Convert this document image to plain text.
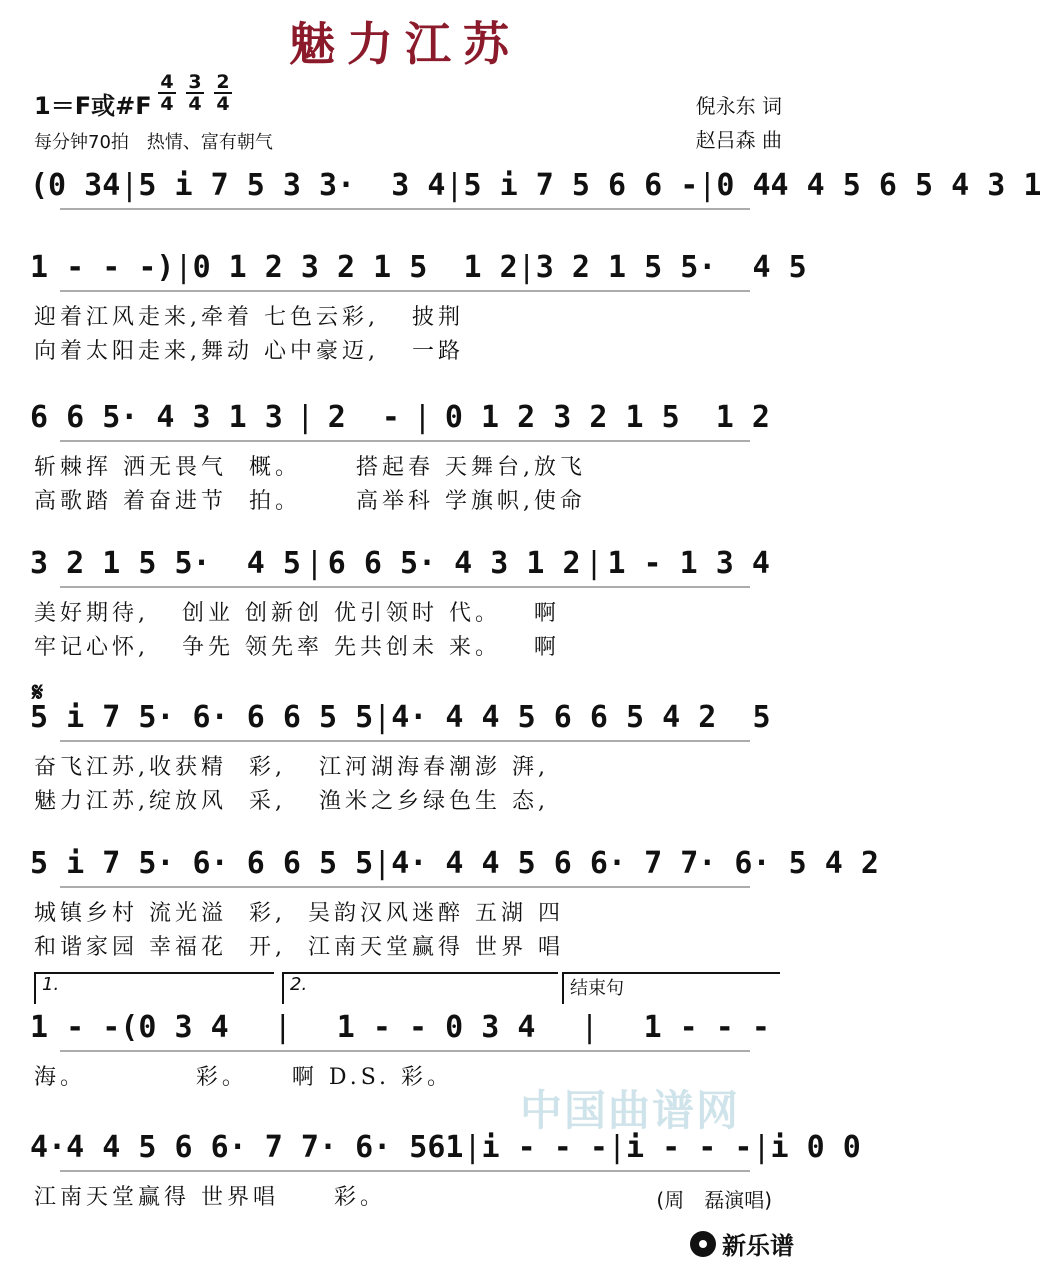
魅力江苏
1＝F或#F $\frac{4}{4} \frac{3}{4} \frac{2}{4}$
每分钟70拍　热情、富有朝气
倪永东 词
赵吕森 曲
(0 34 | 5 i 7 5 3 3·  3 4 | 5 i 7 5 6 6 - | 0 44 4 5 6 5 4 3 1
1 - - -) | 0 1 2 3 2 1 5  1 2 | 3 2 1 5 5·  4 5
迎着江风走来,牵着 七色云彩,   披荆
向着太阳走来,舞动 心中豪迈,   一路
6 6 5· 4 3 1 3 | 2  - | 0 1 2 3 2 1 5  1 2
斩棘挥 洒无畏气  概。     搭起春 天舞台,放飞
高歌踏 着奋进节  拍。     高举科 学旗帜,使命
3 2 1 5 5·  4 5 | 6 6 5· 4 3 1 2 | 1 - 1 3 4
美好期待,   创业 创新创 优引领时 代。   啊
牢记心怀,   争先 领先率 先共创未 来。   啊
5 i 7 5· 6· 6 6 5 5 | 4· 4 4 5 6 6 5 4 2  5
奋飞江苏,收获精  彩,   江河湖海春潮澎 湃,
魅力江苏,绽放风  采,   渔米之乡绿色生 态,
5 i 7 5· 6· 6 6 5 5 | 4· 4 4 5 6 6· 7 7· 6· 5 4 2
城镇乡村 流光溢  彩,  吴韵汉风迷醉 五湖 四
和谐家园 幸福花  开,  江南天堂赢得 世界 唱
1 - -(0 3 4 | 1 - - 0 3 4 | 1 - - -
海。          彩。    啊 D.S. 彩。
4·4 4 5 6 6· 7 7· 6· 561 | i - - - | i - - - | i 0 0
江南天堂赢得 世界唱     彩。
1.	2.	结束句
𝄋
中国曲谱网
(周　磊演唱)
新乐谱
